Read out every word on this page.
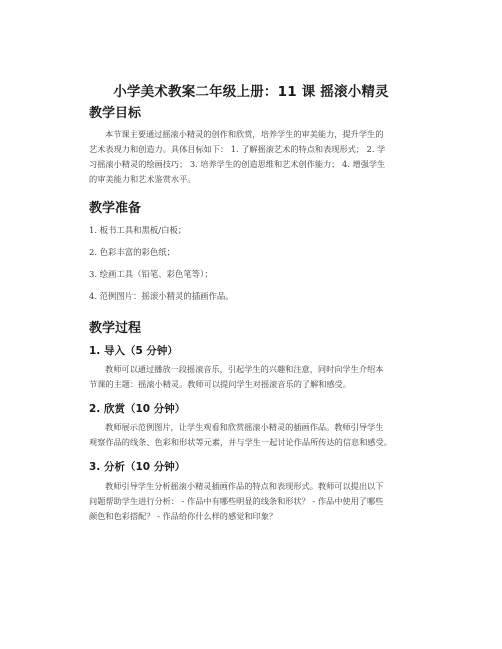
小学美术教案二年级上册：11 课 摇滚小精灵
教学目标
本节课主要通过摇滚小精灵的创作和欣赏，培养学生的审美能力，提升学生的
艺术表现力和创造力。具体目标如下： 1. 了解摇滚艺术的特点和表现形式； 2. 学
习摇滚小精灵的绘画技巧； 3. 培养学生的创造思维和艺术创作能力； 4. 增强学生
的审美能力和艺术鉴赏水平。
教学准备
1. 板书工具和黑板/白板；
2. 色彩丰富的彩色纸；
3. 绘画工具（铅笔、彩色笔等）；
4. 范例图片：摇滚小精灵的插画作品。
教学过程
1. 导入（5 分钟）
教师可以通过播放一段摇滚音乐，引起学生的兴趣和注意，同时向学生介绍本
节课的主题：摇滚小精灵。教师可以提问学生对摇滚音乐的了解和感受。
2. 欣赏（10 分钟）
教师展示范例图片，让学生观看和欣赏摇滚小精灵的插画作品。教师引导学生
观察作品的线条、色彩和形状等元素，并与学生一起讨论作品所传达的信息和感受。
3. 分析（10 分钟）
教师引导学生分析摇滚小精灵插画作品的特点和表现形式。教师可以提出以下
问题帮助学生进行分析： - 作品中有哪些明显的线条和形状？ - 作品中使用了哪些
颜色和色彩搭配？ - 作品给你什么样的感觉和印象？
